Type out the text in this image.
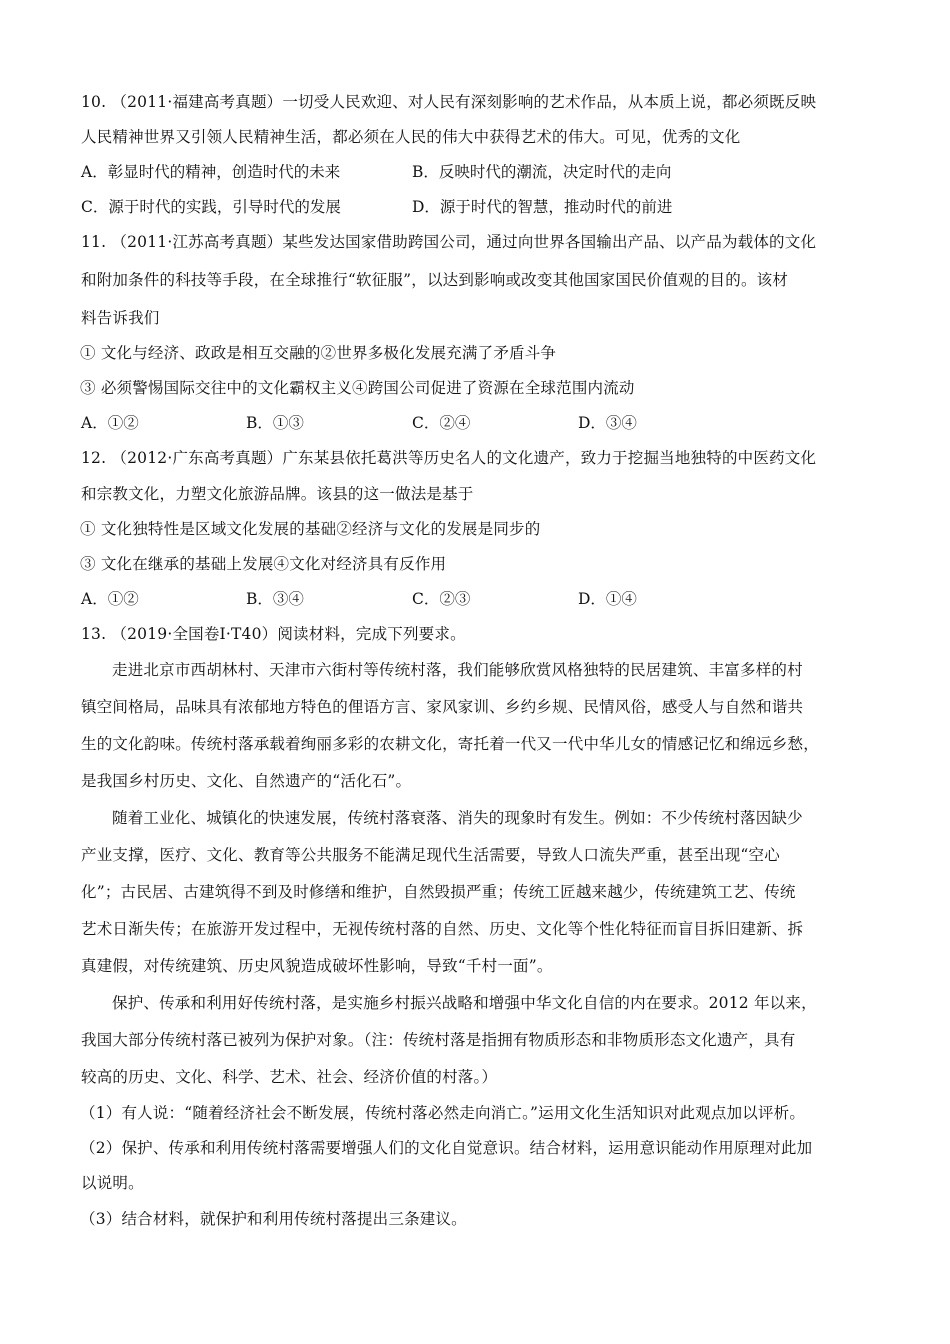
10. （2011·福建高考真题）一切受人民欢迎、对人民有深刻影响的艺术作品，从本质上说，都必须既反映
人民精神世界又引领人民精神生活，都必须在人民的伟大中获得艺术的伟大。可见，优秀的文化
A．彰显时代的精神，创造时代的未来	B．反映时代的潮流，决定时代的走向
C．源于时代的实践，引导时代的发展	D．源于时代的智慧，推动时代的前进
11. （2011·江苏高考真题）某些发达国家借助跨国公司，通过向世界各国输出产品、以产品为载体的文化
和附加条件的科技等手段，在全球推行“软征服”，以达到影响或改变其他国家国民价值观的目的。该材
料告诉我们
① 文化与经济、政政是相互交融的②世界多极化发展充满了矛盾斗争
③ 必须警惕国际交往中的文化霸权主义④跨国公司促进了资源在全球范围内流动
A．①②	B．①③	C．②④	D．③④
12. （2012·广东高考真题）广东某县依托葛洪等历史名人的文化遗产，致力于挖掘当地独特的中医药文化
和宗教文化，力塑文化旅游品牌。该县的这一做法是基于
① 文化独特性是区域文化发展的基础②经济与文化的发展是同步的
③ 文化在继承的基础上发展④文化对经济具有反作用
A．①②	B．③④	C．②③	D．①④
13. （2019·全国卷Ⅰ·T40）阅读材料，完成下列要求。
走进北京市西胡林村、天津市六街村等传统村落，我们能够欣赏风格独特的民居建筑、丰富多样的村
镇空间格局，品味具有浓郁地方特色的俚语方言、家风家训、乡约乡规、民情风俗，感受人与自然和谐共
生的文化韵味。传统村落承载着绚丽多彩的农耕文化，寄托着一代又一代中华儿女的情感记忆和绵远乡愁，
是我国乡村历史、文化、自然遗产的“活化石”。
随着工业化、城镇化的快速发展，传统村落衰落、消失的现象时有发生。例如：不少传统村落因缺少
产业支撑，医疗、文化、教育等公共服务不能满足现代生活需要，导致人口流失严重，甚至出现“空心
化”；古民居、古建筑得不到及时修缮和维护，自然毁损严重；传统工匠越来越少，传统建筑工艺、传统
艺术日渐失传；在旅游开发过程中，无视传统村落的自然、历史、文化等个性化特征而盲目拆旧建新、拆
真建假，对传统建筑、历史风貌造成破坏性影响，导致“千村一面”。
保护、传承和利用好传统村落，是实施乡村振兴战略和增强中华文化自信的内在要求。2012 年以来，
我国大部分传统村落已被列为保护对象。（注：传统村落是指拥有物质形态和非物质形态文化遗产，具有
较高的历史、文化、科学、艺术、社会、经济价值的村落。）
（1）有人说：“随着经济社会不断发展，传统村落必然走向消亡。”运用文化生活知识对此观点加以评析。
（2）保护、传承和利用传统村落需要增强人们的文化自觉意识。结合材料，运用意识能动作用原理对此加
以说明。
（3）结合材料，就保护和利用传统村落提出三条建议。
